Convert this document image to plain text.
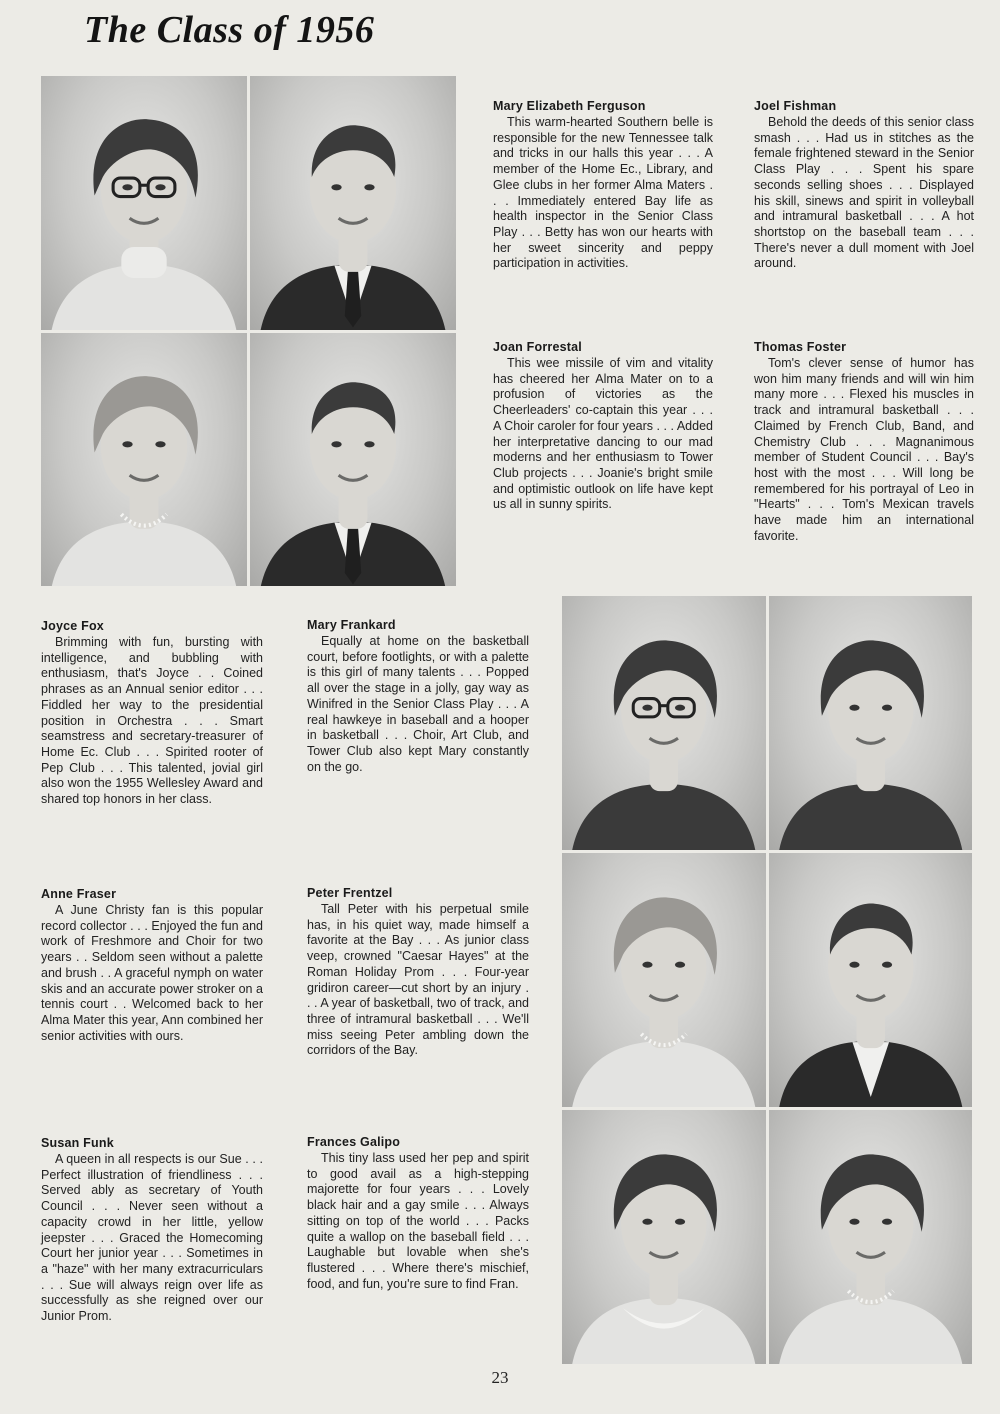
The Class of 1956

Mary Elizabeth Ferguson

This warm-hearted Southern belle is responsible for the new Tennessee talk and tricks in our halls this year . . . A member of the Home Ec., Library, and Glee clubs in her former Alma Maters . . . Immediately entered Bay life as health inspector in the Senior Class Play . . . Betty has won our hearts with her sweet sincerity and peppy participation in activities.

Joel Fishman

Behold the deeds of this senior class smash . . . Had us in stitches as the female frightened steward in the Senior Class Play . . . Spent his spare seconds selling shoes . . . Displayed his skill, sinews and spirit in volleyball and intramural basketball . . . A hot shortstop on the baseball team . . . There's never a dull moment with Joel around.

Joan Forrestal

This wee missile of vim and vitality has cheered her Alma Mater on to a profusion of victories as the Cheerleaders' co-captain this year . . . A Choir caroler for four years . . . Added her interpretative dancing to our mad moderns and her enthusiasm to Tower Club projects . . . Joanie's bright smile and optimistic outlook on life have kept us all in sunny spirits.

Thomas Foster

Tom's clever sense of humor has won him many friends and will win him many more . . . Flexed his muscles in track and intramural basketball . . . Claimed by French Club, Band, and Chemistry Club . . . Magnanimous member of Student Council . . . Bay's host with the most . . . Will long be remembered for his portrayal of Leo in "Hearts" . . . Tom's Mexican travels have made him an international favorite.

Joyce Fox

Brimming with fun, bursting with intelligence, and bubbling with enthusiasm, that's Joyce . . Coined phrases as an Annual senior editor . . . Fiddled her way to the presidential position in Orchestra . . . Smart seamstress and secretary-treasurer of Home Ec. Club . . . Spirited rooter of Pep Club . . . This talented, jovial girl also won the 1955 Wellesley Award and shared top honors in her class.

Mary Frankard

Equally at home on the basketball court, before footlights, or with a palette is this girl of many talents . . . Popped all over the stage in a jolly, gay way as Winifred in the Senior Class Play . . . A real hawkeye in baseball and a hooper in basketball . . . Choir, Art Club, and Tower Club also kept Mary constantly on the go.

Anne Fraser

A June Christy fan is this popular record collector . . . Enjoyed the fun and work of Freshmore and Choir for two years . . Seldom seen without a palette and brush . . A graceful nymph on water skis and an accurate power stroker on a tennis court . . Welcomed back to her Alma Mater this year, Ann combined her senior activities with ours.

Peter Frentzel

Tall Peter with his perpetual smile has, in his quiet way, made himself a favorite at the Bay . . . As junior class veep, crowned "Caesar Hayes" at the Roman Holiday Prom . . . Four-year gridiron career—cut short by an injury . . . A year of basketball, two of track, and three of intramural basketball . . . We'll miss seeing Peter ambling down the corridors of the Bay.

Susan Funk

A queen in all respects is our Sue . . . Perfect illustration of friendliness . . . Served ably as secretary of Youth Council . . . Never seen without a capacity crowd in her little, yellow jeepster . . . Graced the Homecoming Court her junior year . . . Sometimes in a "haze" with her many extracurriculars . . . Sue will always reign over life as successfully as she reigned over our Junior Prom.

Frances Galipo

This tiny lass used her pep and spirit to good avail as a high-stepping majorette for four years . . . Lovely black hair and a gay smile . . . Always sitting on top of the world . . . Packs quite a wallop on the baseball field . . . Laughable but lovable when she's flustered . . . Where there's mischief, food, and fun, you're sure to find Fran.

23
